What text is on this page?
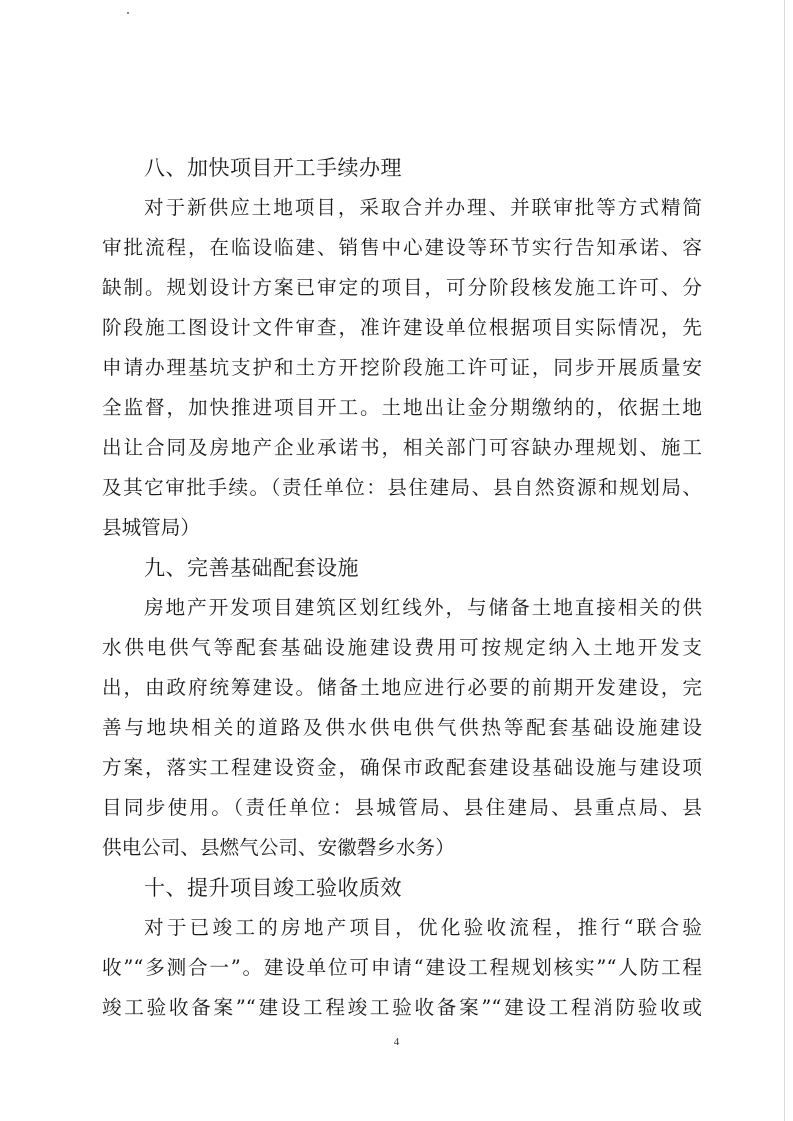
八、加快项目开工手续办理

对于新供应土地项目，采取合并办理、并联审批等方式精简

审批流程，在临设临建、销售中心建设等环节实行告知承诺、容

缺制。规划设计方案已审定的项目，可分阶段核发施工许可、分

阶段施工图设计文件审查，准许建设单位根据项目实际情况，先

申请办理基坑支护和土方开挖阶段施工许可证，同步开展质量安

全监督，加快推进项目开工。土地出让金分期缴纳的，依据土地

出让合同及房地产企业承诺书，相关部门可容缺办理规划、施工

及其它审批手续。（责任单位：县住建局、县自然资源和规划局、

县城管局）

九、完善基础配套设施

房地产开发项目建筑区划红线外，与储备土地直接相关的供

水供电供气等配套基础设施建设费用可按规定纳入土地开发支

出，由政府统筹建设。储备土地应进行必要的前期开发建设，完

善与地块相关的道路及供水供电供气供热等配套基础设施建设

方案，落实工程建设资金，确保市政配套建设基础设施与建设项

目同步使用。（责任单位：县城管局、县住建局、县重点局、县

供电公司、县燃气公司、安徽磬乡水务）

十、提升项目竣工验收质效

对于已竣工的房地产项目，优化验收流程，推行“联合验

收”“多测合一”。建设单位可申请“建设工程规划核实”“人防工程

竣工验收备案”“建设工程竣工验收备案”“建设工程消防验收或

4
